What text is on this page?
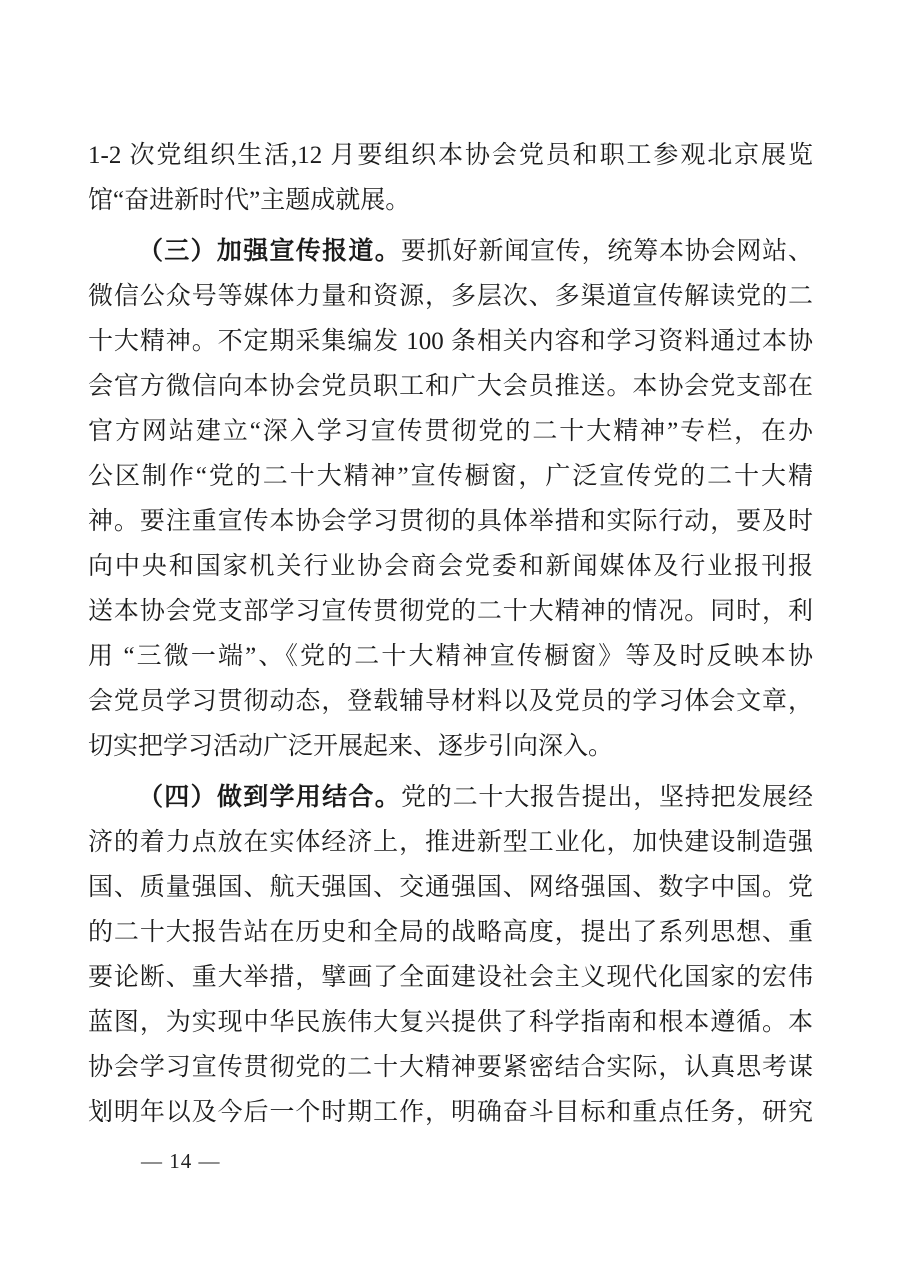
1-2 次党组织生活,12 月要组织本协会党员和职工参观北京展览
馆“奋进新时代”主题成就展。
（三）加强宣传报道。要抓好新闻宣传，统筹本协会网站、
微信公众号等媒体力量和资源，多层次、多渠道宣传解读党的二
十大精神。不定期采集编发 100 条相关内容和学习资料通过本协
会官方微信向本协会党员职工和广大会员推送。本协会党支部在
官方网站建立“深入学习宣传贯彻党的二十大精神”专栏，在办
公区制作“党的二十大精神”宣传橱窗，广泛宣传党的二十大精
神。要注重宣传本协会学习贯彻的具体举措和实际行动，要及时
向中央和国家机关行业协会商会党委和新闻媒体及行业报刊报
送本协会党支部学习宣传贯彻党的二十大精神的情况。同时，利
用 “三微一端”、《党的二十大精神宣传橱窗》等及时反映本协
会党员学习贯彻动态，登载辅导材料以及党员的学习体会文章，
切实把学习活动广泛开展起来、逐步引向深入。
（四）做到学用结合。党的二十大报告提出，坚持把发展经
济的着力点放在实体经济上，推进新型工业化，加快建设制造强
国、质量强国、航天强国、交通强国、网络强国、数字中国。党
的二十大报告站在历史和全局的战略高度，提出了系列思想、重
要论断、重大举措，擘画了全面建设社会主义现代化国家的宏伟
蓝图，为实现中华民族伟大复兴提供了科学指南和根本遵循。本
协会学习宣传贯彻党的二十大精神要紧密结合实际，认真思考谋
划明年以及今后一个时期工作，明确奋斗目标和重点任务，研究
— 14 —
